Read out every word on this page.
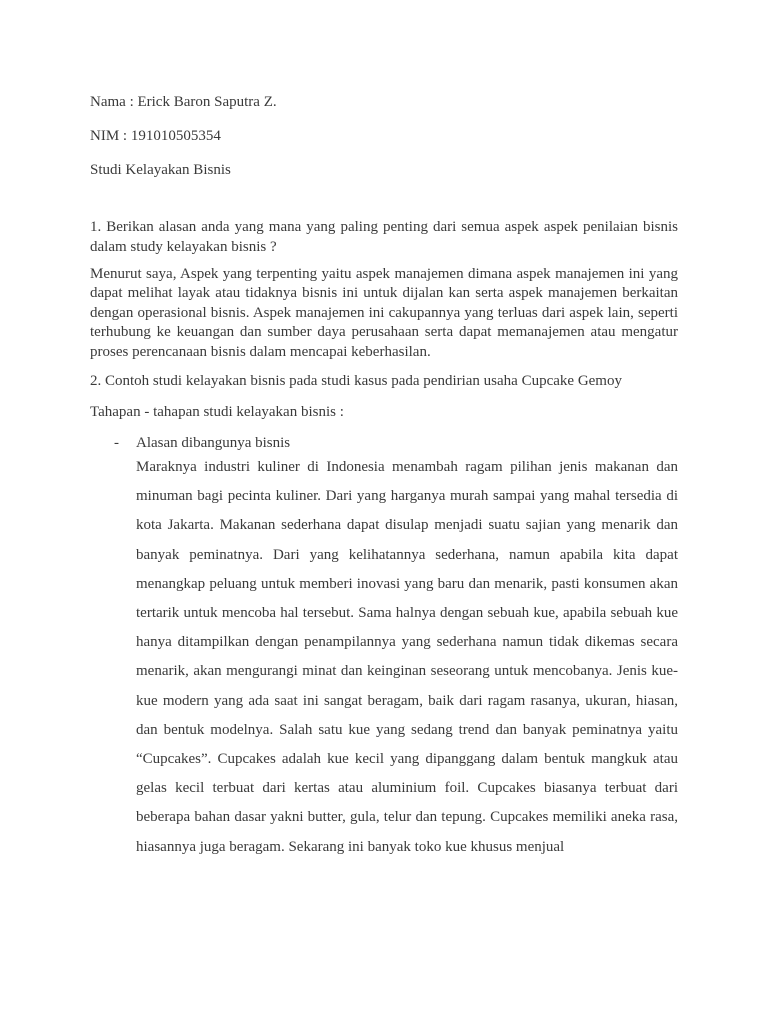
Nama : Erick Baron Saputra Z.
NIM : 191010505354
Studi Kelayakan Bisnis

1. Berikan alasan anda yang mana yang paling penting dari semua aspek aspek penilaian bisnis dalam study kelayakan bisnis ?

Menurut saya, Aspek yang terpenting yaitu aspek manajemen dimana aspek manajemen ini yang dapat melihat layak atau tidaknya bisnis ini untuk dijalan kan serta aspek manajemen berkaitan dengan operasional bisnis. Aspek manajemen ini cakupannya yang terluas dari aspek lain, seperti terhubung ke keuangan dan sumber daya perusahaan serta dapat memanajemen atau mengatur proses perencanaan bisnis dalam mencapai keberhasilan.

2. Contoh studi kelayakan bisnis pada studi kasus pada pendirian usaha Cupcake Gemoy

Tahapan - tahapan studi kelayakan bisnis :

- Alasan dibangunya bisnis

Maraknya industri kuliner di Indonesia menambah ragam pilihan jenis makanan dan minuman bagi pecinta kuliner. Dari yang harganya murah sampai yang mahal tersedia di kota Jakarta. Makanan sederhana dapat disulap menjadi suatu sajian yang menarik dan banyak peminatnya. Dari yang kelihatannya sederhana, namun apabila kita dapat menangkap peluang untuk memberi inovasi yang baru dan menarik, pasti konsumen akan tertarik untuk mencoba hal tersebut. Sama halnya dengan sebuah kue, apabila sebuah kue hanya ditampilkan dengan penampilannya yang sederhana namun tidak dikemas secara menarik, akan mengurangi minat dan keinginan seseorang untuk mencobanya. Jenis kue-kue modern yang ada saat ini sangat beragam, baik dari ragam rasanya, ukuran, hiasan, dan bentuk modelnya. Salah satu kue yang sedang trend dan banyak peminatnya yaitu “Cupcakes”. Cupcakes adalah kue kecil yang dipanggang dalam bentuk mangkuk atau gelas kecil terbuat dari kertas atau aluminium foil. Cupcakes biasanya terbuat dari beberapa bahan dasar yakni butter, gula, telur dan tepung. Cupcakes memiliki aneka rasa, hiasannya juga beragam. Sekarang ini banyak toko kue khusus menjual
